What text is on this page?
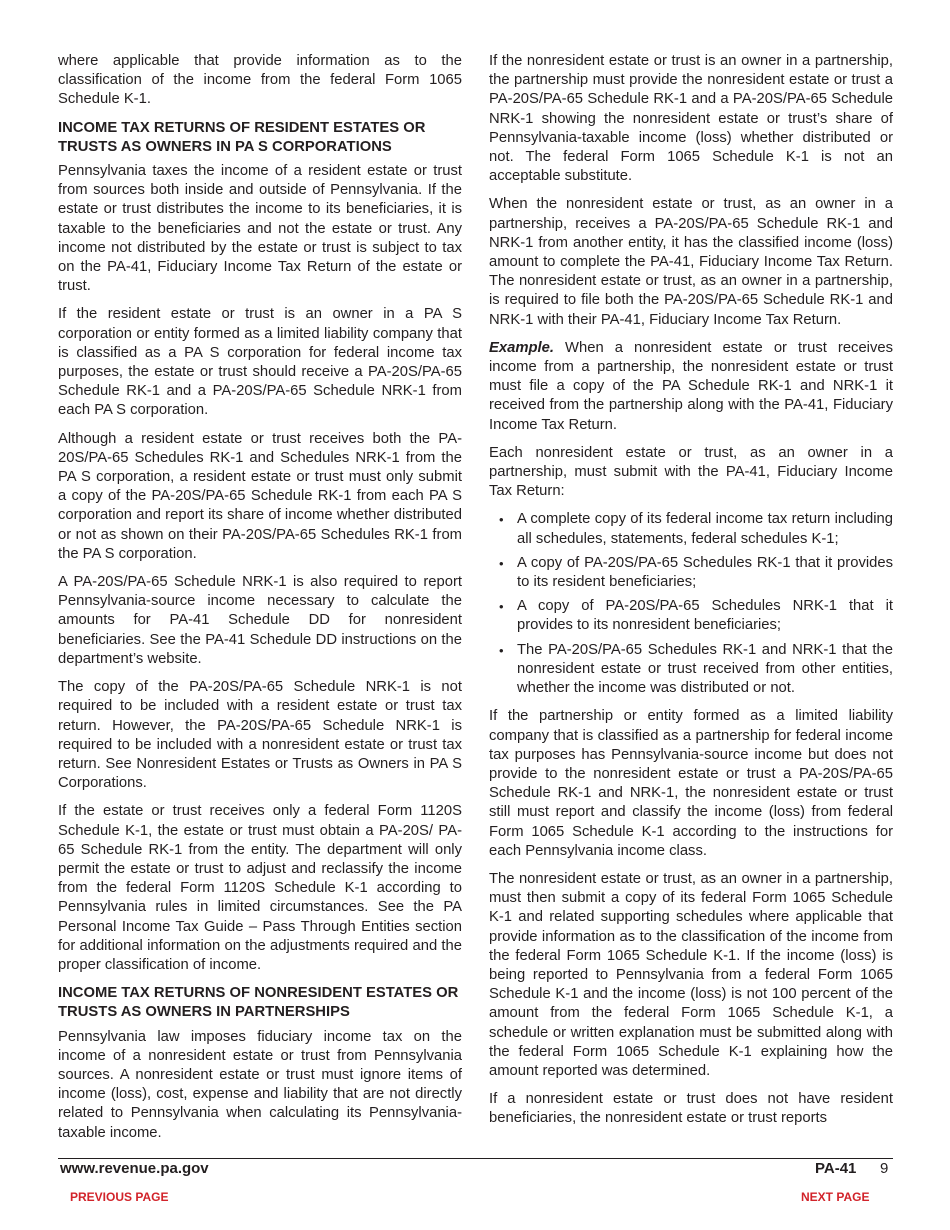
where applicable that provide information as to the classification of the income from the federal Form 1065 Schedule K-1.

INCOME TAX RETURNS OF RESIDENT ESTATES OR TRUSTS AS OWNERS IN PA S CORPORATIONS

Pennsylvania taxes the income of a resident estate or trust from sources both inside and outside of Pennsylvania. If the estate or trust distributes the income to its beneficiaries, it is taxable to the beneficiaries and not the estate or trust. Any income not distributed by the estate or trust is subject to tax on the PA-41, Fiduciary Income Tax Return of the estate or trust.

If the resident estate or trust is an owner in a PA S corporation or entity formed as a limited liability company that is classified as a PA S corporation for federal income tax purposes, the estate or trust should receive a PA-20S/PA-65 Schedule RK-1 and a PA-20S/PA-65 Schedule NRK-1 from each PA S corporation.

Although a resident estate or trust receives both the PA-20S/PA-65 Schedules RK-1 and Schedules NRK-1 from the PA S corporation, a resident estate or trust must only submit a copy of the PA-20S/PA-65 Schedule RK-1 from each PA S corporation and report its share of income whether distributed or not as shown on their PA-20S/PA-65 Schedules RK-1 from the PA S corporation.

A PA-20S/PA-65 Schedule NRK-1 is also required to report Pennsylvania-source income necessary to calculate the amounts for PA-41 Schedule DD for nonresident beneficiaries. See the PA-41 Schedule DD instructions on the department’s website.

The copy of the PA-20S/PA-65 Schedule NRK-1 is not required to be included with a resident estate or trust tax return. However, the PA-20S/PA-65 Schedule NRK-1 is required to be included with a nonresident estate or trust tax return. See Nonresident Estates or Trusts as Owners in PA S Corporations.

If the estate or trust receives only a federal Form 1120S Schedule K-1, the estate or trust must obtain a PA-20S/ PA-65 Schedule RK-1 from the entity. The department will only permit the estate or trust to adjust and reclassify the income from the federal Form 1120S Schedule K-1 according to Pennsylvania rules in limited circumstances. See the PA Personal Income Tax Guide – Pass Through Entities section for additional information on the adjustments required and the proper classification of income.

INCOME TAX RETURNS OF NONRESIDENT ESTATES OR TRUSTS AS OWNERS IN PARTNERSHIPS

Pennsylvania law imposes fiduciary income tax on the income of a nonresident estate or trust from Pennsylvania sources. A nonresident estate or trust must ignore items of income (loss), cost, expense and liability that are not directly related to Pennsylvania when calculating its Pennsylvania-taxable income.

If the nonresident estate or trust is an owner in a partnership, the partnership must provide the nonresident estate or trust a PA-20S/PA-65 Schedule RK-1 and a PA-20S/PA-65 Schedule NRK-1 showing the nonresident estate or trust’s share of Pennsylvania-taxable income (loss) whether distributed or not. The federal Form 1065 Schedule K-1 is not an acceptable substitute.

When the nonresident estate or trust, as an owner in a partnership, receives a PA-20S/PA-65 Schedule RK-1 and NRK-1 from another entity, it has the classified income (loss) amount to complete the PA-41, Fiduciary Income Tax Return. The nonresident estate or trust, as an owner in a partnership, is required to file both the PA-20S/PA-65 Schedule RK-1 and NRK-1 with their PA-41, Fiduciary Income Tax Return.

Example. When a nonresident estate or trust receives income from a partnership, the nonresident estate or trust must file a copy of the PA Schedule RK-1 and NRK-1 it received from the partnership along with the PA-41, Fiduciary Income Tax Return.

Each nonresident estate or trust, as an owner in a partnership, must submit with the PA-41, Fiduciary Income Tax Return:

• A complete copy of its federal income tax return including all schedules, statements, federal schedules K-1;
• A copy of PA-20S/PA-65 Schedules RK-1 that it provides to its resident beneficiaries;
• A copy of PA-20S/PA-65 Schedules NRK-1 that it provides to its nonresident beneficiaries;
• The PA-20S/PA-65 Schedules RK-1 and NRK-1 that the nonresident estate or trust received from other entities, whether the income was distributed or not.

If the partnership or entity formed as a limited liability company that is classified as a partnership for federal income tax purposes has Pennsylvania-source income but does not provide to the nonresident estate or trust a PA-20S/PA-65 Schedule RK-1 and NRK-1, the nonresident estate or trust still must report and classify the income (loss) from federal Form 1065 Schedule K-1 according to the instructions for each Pennsylvania income class.

The nonresident estate or trust, as an owner in a partnership, must then submit a copy of its federal Form 1065 Schedule K-1 and related supporting schedules where applicable that provide information as to the classification of the income from the federal Form 1065 Schedule K-1. If the income (loss) is being reported to Pennsylvania from a federal Form 1065 Schedule K-1 and the income (loss) is not 100 percent of the amount from the federal Form 1065 Schedule K-1, a schedule or written explanation must be submitted along with the federal Form 1065 Schedule K-1 explaining how the amount reported was determined.

If a nonresident estate or trust does not have resident beneficiaries, the nonresident estate or trust reports

www.revenue.pa.gov	PA-41 9
PREVIOUS PAGE	NEXT PAGE
